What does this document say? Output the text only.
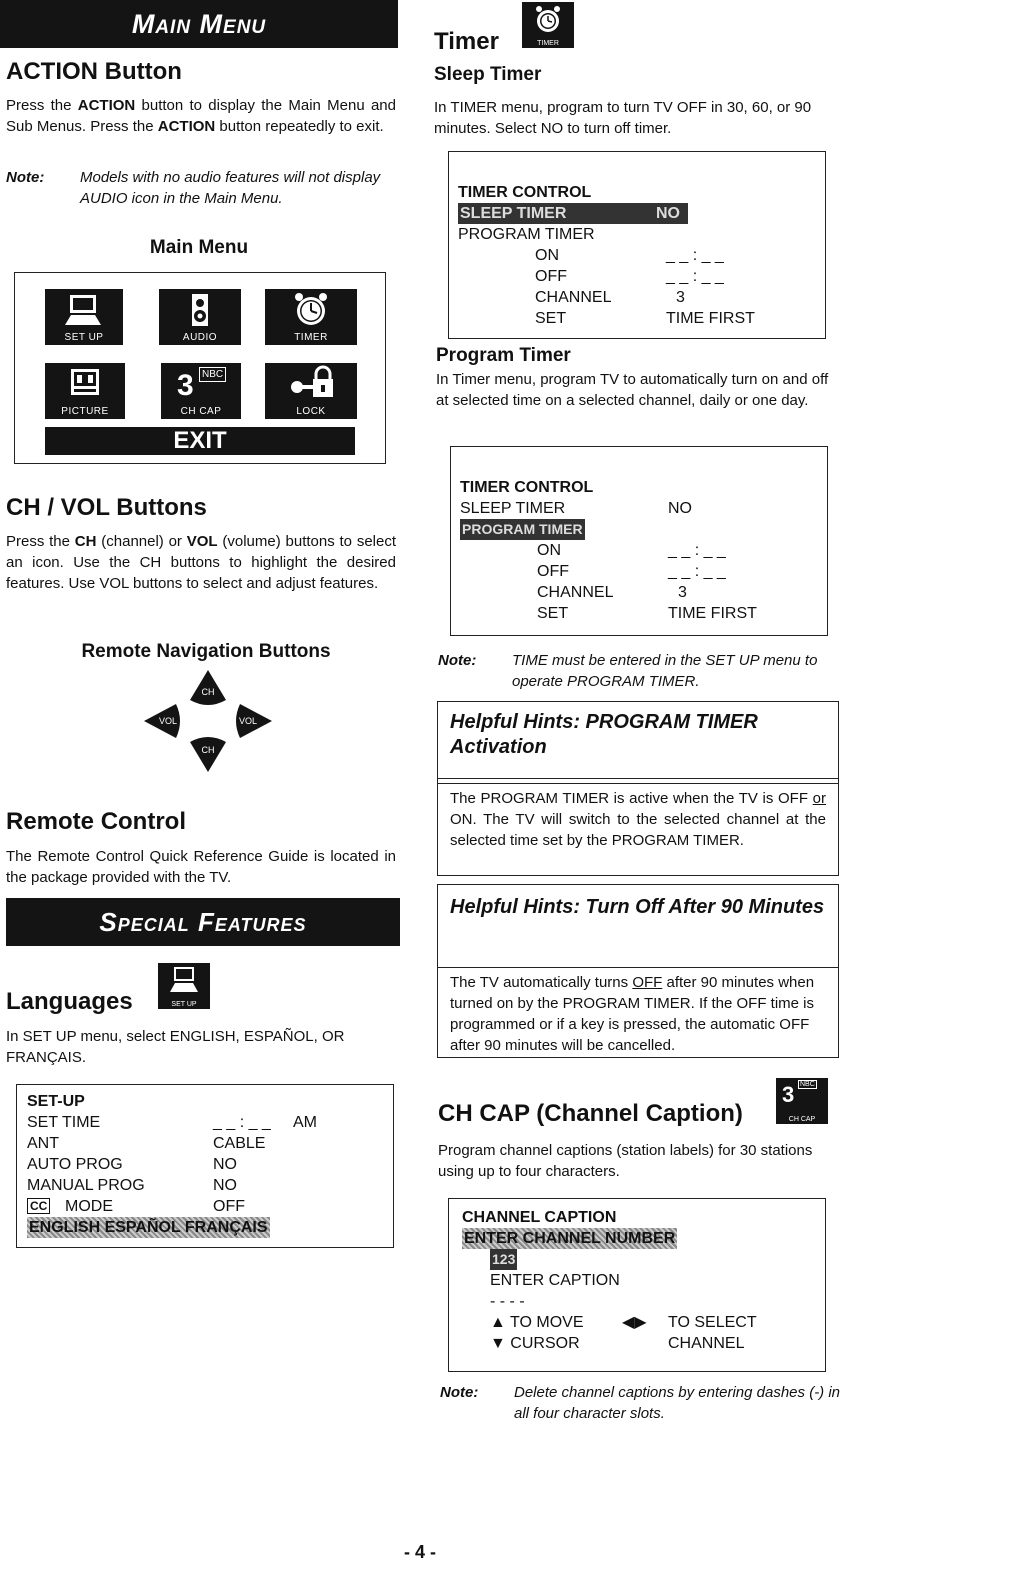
Main Menu
ACTION Button

Press the ACTION button to display the Main Menu and Sub Menus. Press the ACTION button repeatedly to exit.

Note: Models with no audio features will not display AUDIO icon in the Main Menu.
Main Menu
SET UP	AUDIO	TIMER
PICTURE
3 NBC
CH CAP	LOCK
EXIT
CH / VOL Buttons

Press the CH (channel) or VOL (volume) buttons to select an icon. Use the CH buttons to highlight the desired features. Use VOL buttons to select and adjust features.

Remote Navigation Buttons
CH
CH
VOL	VOL
Remote Control

The Remote Control Quick Reference Guide is located in the package provided with the TV.

Special Features
Languages	SET UP

In SET UP menu, select ENGLISH, ESPAÑOL, OR FRANÇAIS.

SET-UP
SET TIME	_ _ : _ _ AM
ANT	CABLE
AUTO PROG	NO
MANUAL PROG	NO
CC MODE	OFF
ENGLISH ESPAÑOL FRANÇAIS
Timer	TIMER
Sleep Timer

In TIMER menu, program to turn TV OFF in 30, 60, or 90 minutes. Select NO to turn off timer.

TIMER CONTROL
SLEEP TIMER	NO
PROGRAM TIMER
ON	_ _ : _ _
OFF	_ _ : _ _
CHANNEL	3
SET	TIME FIRST
Program Timer

In Timer menu, program TV to automatically turn on and off at selected time on a selected channel, daily or one day.

TIMER CONTROL
SLEEP TIMER	NO
PROGRAM TIMER
ON	_ _ : _ _
OFF	_ _ : _ _
CHANNEL	3
SET	TIME FIRST
Note: TIME must be entered in the SET UP menu to operate PROGRAM TIMER.
Helpful Hints: PROGRAM TIMER Activation

The PROGRAM TIMER is active when the TV is OFF or ON. The TV will switch to the selected channel at the selected time set by the PROGRAM TIMER.

Helpful Hints: Turn Off After 90 Minutes

The TV automatically turns OFF after 90 minutes when turned on by the PROGRAM TIMER. If the OFF time is programmed or if a key is pressed, the automatic OFF after 90 minutes will be cancelled.

CH CAP (Channel Caption)
3 NBC
CH CAP

Program channel captions (station labels) for 30 stations using up to four characters.

CHANNEL CAPTION
ENTER CHANNEL NUMBER
123
ENTER CAPTION
- - - -
▲ TO MOVE ◀▶ TO SELECT
▼ CURSOR	CHANNEL
Note: Delete channel captions by entering dashes (-) in all four character slots.
- 4 -
